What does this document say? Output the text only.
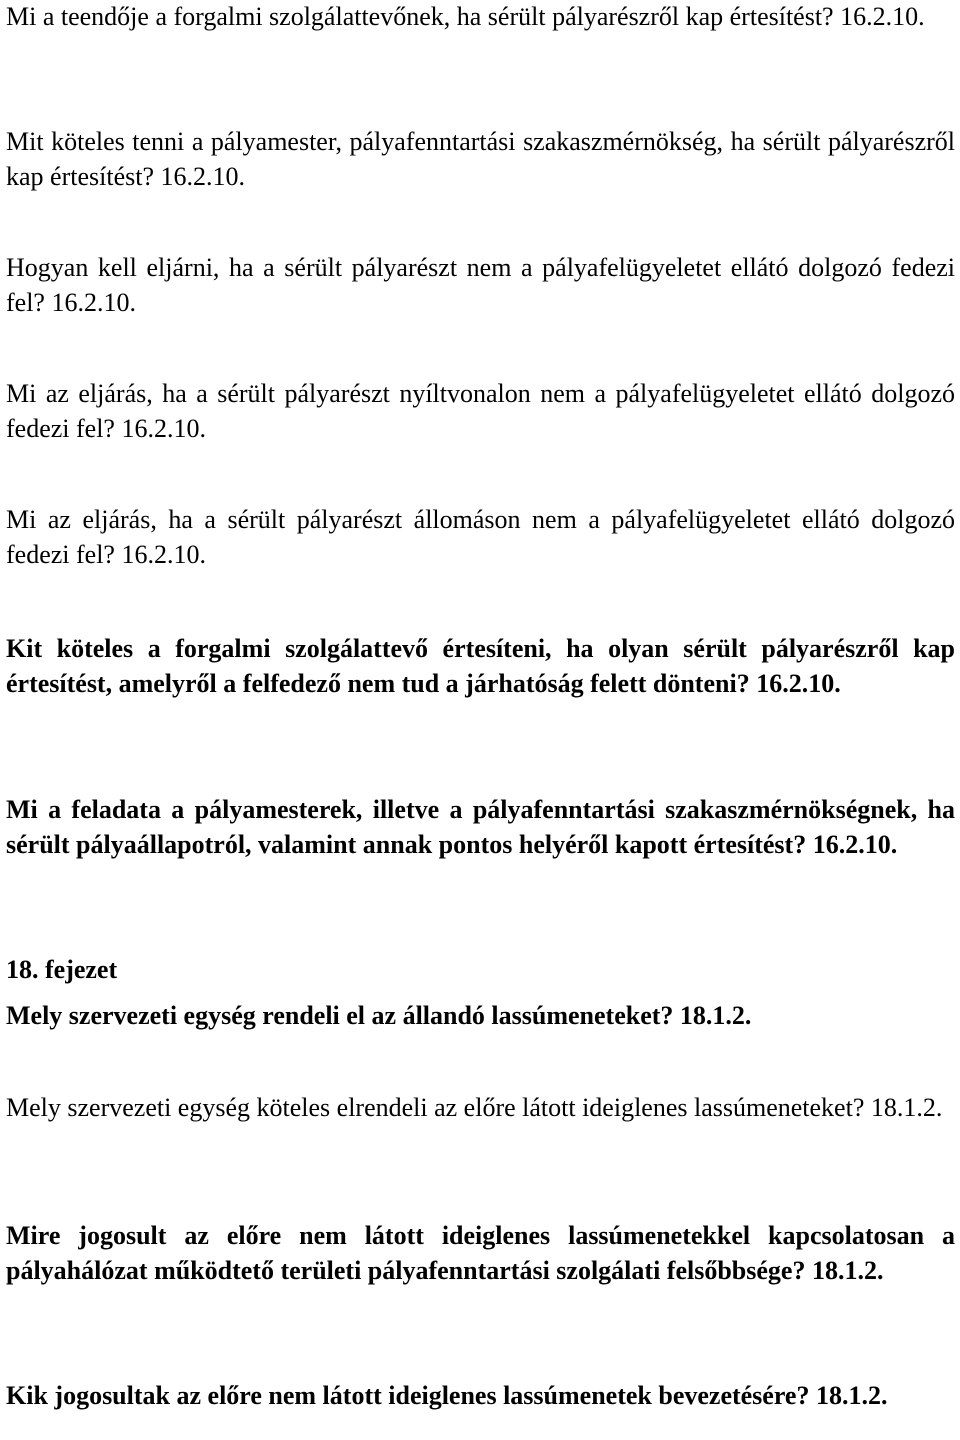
Mi a teendője a forgalmi szolgálattevőnek, ha sérült pályarészről kap értesítést? 16.2.10.

Mit köteles tenni a pályamester, pályafenntartási szakaszmérnökség, ha sérült pályarészről kap értesítést? 16.2.10.

Hogyan kell eljárni, ha a sérült pályarészt nem a pályafelügyeletet ellátó dolgozó fedezi fel? 16.2.10.

Mi az eljárás, ha a sérült pályarészt nyíltvonalon nem a pályafelügyeletet ellátó dolgozó fedezi fel? 16.2.10.

Mi az eljárás, ha a sérült pályarészt állomáson nem a pályafelügyeletet ellátó dolgozó fedezi fel? 16.2.10.

Kit köteles a forgalmi szolgálattevő értesíteni, ha olyan sérült pályarészről kap értesítést, amelyről a felfedező nem tud a járhatóság felett dönteni? 16.2.10.

Mi a feladata a pályamesterek, illetve a pályafenntartási szakaszmérnökségnek, ha sérült pályaállapotról, valamint annak pontos helyéről kapott értesítést? 16.2.10.

18. fejezet

Mely szervezeti egység rendeli el az állandó lassúmeneteket? 18.1.2.

Mely szervezeti egység köteles elrendeli az előre látott ideiglenes lassúmeneteket? 18.1.2.

Mire jogosult az előre nem látott ideiglenes lassúmenetekkel kapcsolatosan a pályahálózat működtető területi pályafenntartási szolgálati felsőbbsége? 18.1.2.

Kik jogosultak az előre nem látott ideiglenes lassúmenetek bevezetésére? 18.1.2.
